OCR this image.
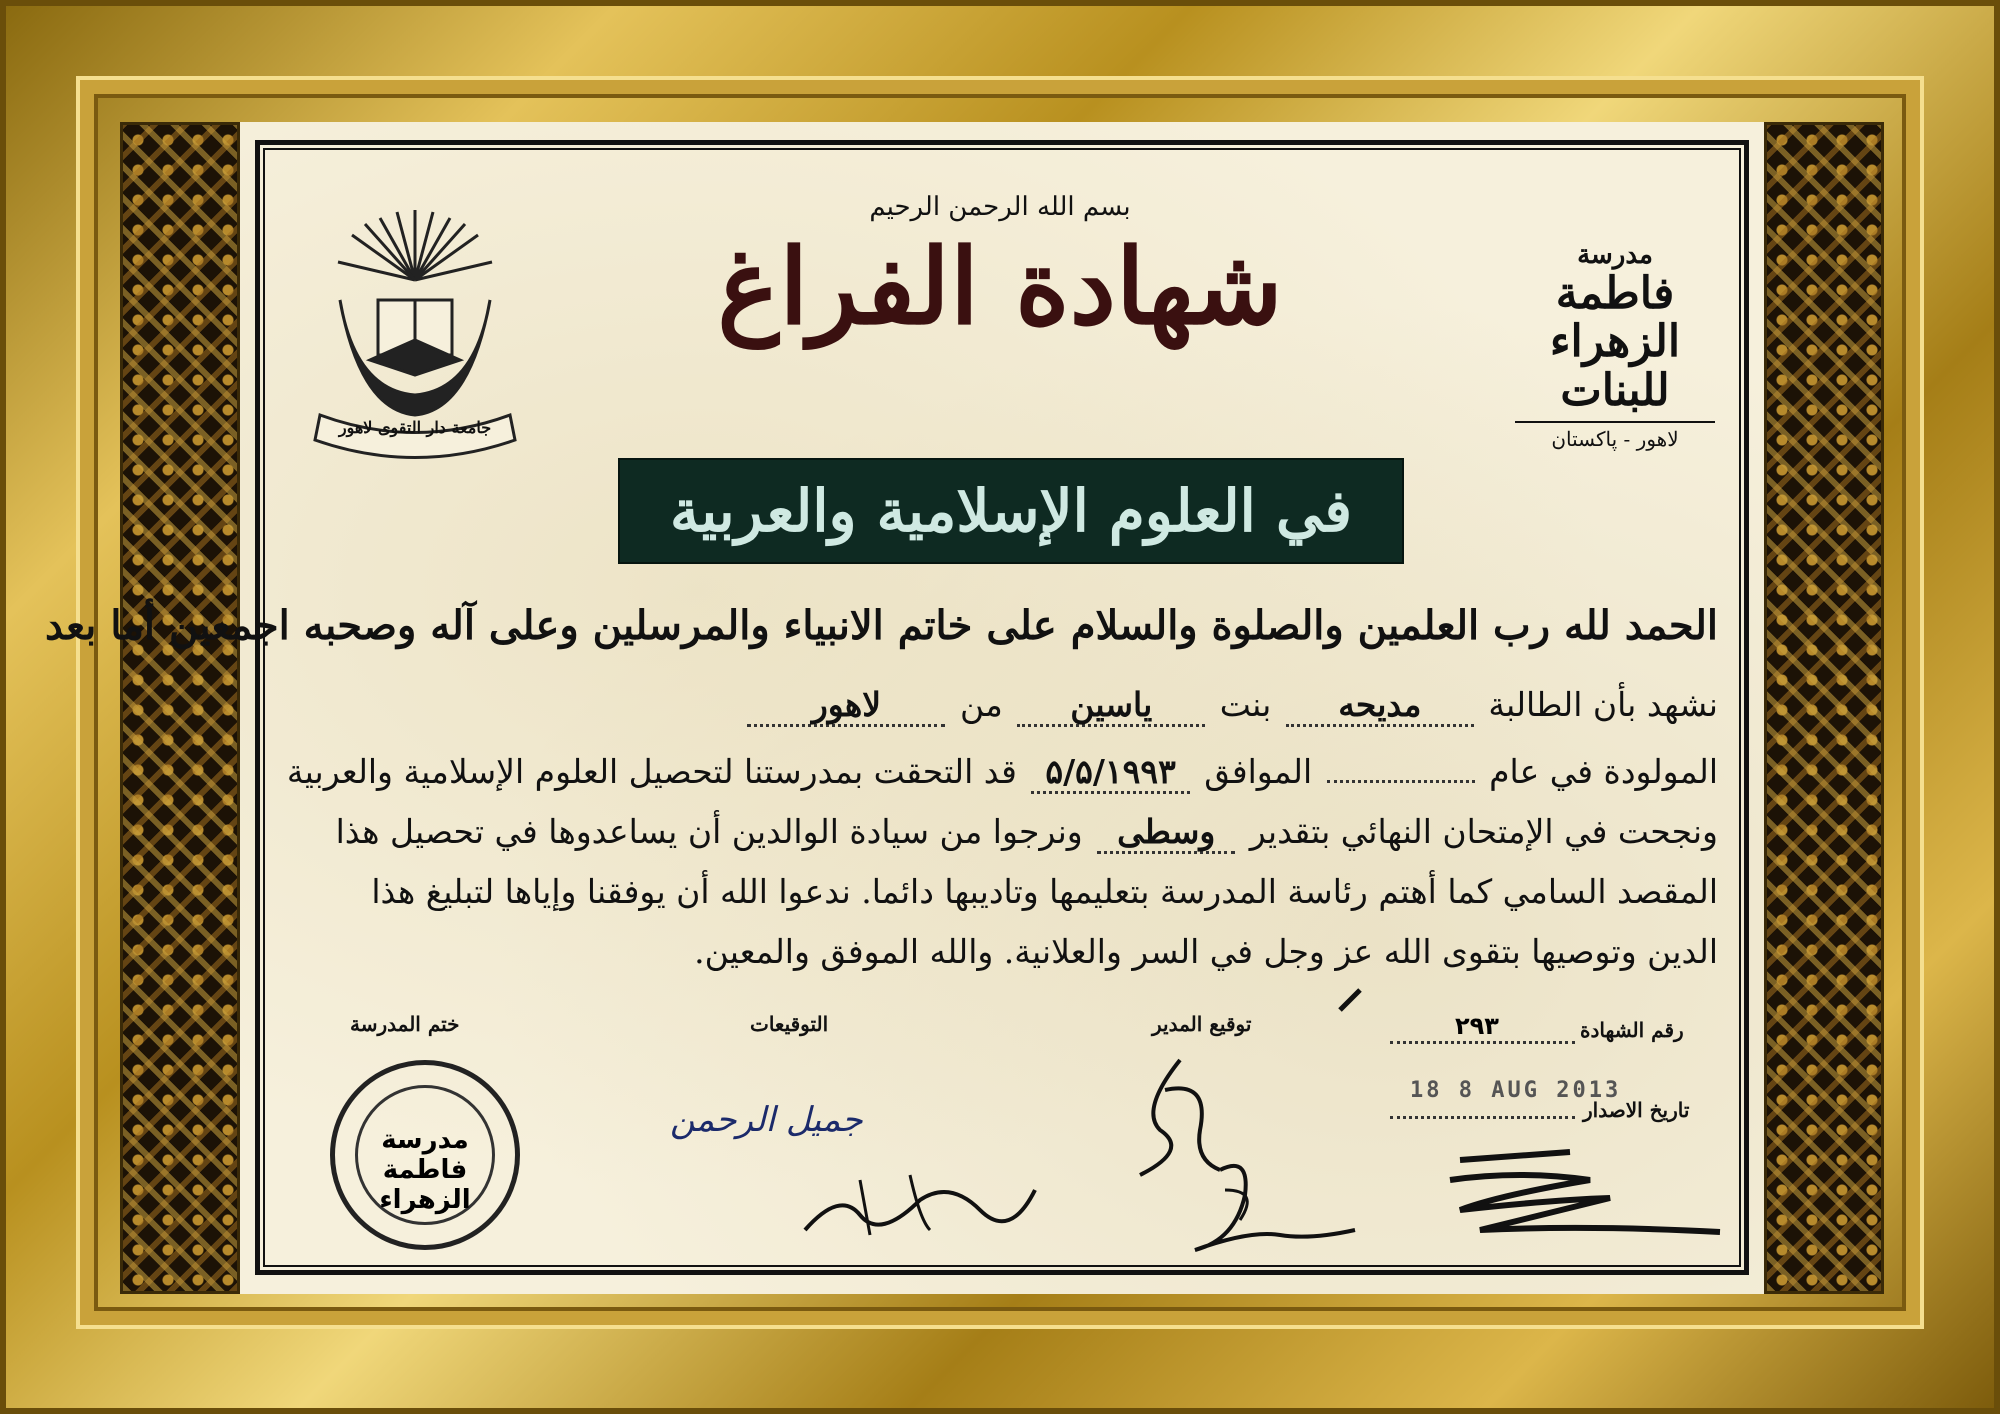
جامعة دار التقوى لاهور
مدرسة
فاطمة الزهراء
للبنات
لاهور - پاکستان
بسم الله الرحمن الرحيم
شهادة الفراغ
في العلوم الإسلامية والعربية
الحمد لله رب العلمين والصلوة والسلام على خاتم الانبياء والمرسلين وعلى آله وصحبه اجمعين أما بعد
نشهد بأن الطالبة مديحه بنت ياسين من لاهور
المولودة في عام  الموافق ۵/۵/۱۹۹۳ قد التحقت بمدرستنا لتحصيل العلوم الإسلامية والعربية
ونجحت في الإمتحان النهائي بتقدير وسطى ونرجوا من سيادة الوالدين أن يساعدوها في تحصيل هذا
المقصد السامي كما أهتم رئاسة المدرسة بتعليمها وتاديبها دائما. ندعوا الله أن يوفقنا وإياها لتبليغ هذا
الدين وتوصيها بتقوى الله عز وجل في السر والعلانية. والله الموفق والمعين.
رقم الشهادة
۲۹۳
تاريخ الاصدار
18 8 AUG 2013
توقيع المدير
التوقيعات
ختم المدرسة
مدرسة فاطمة الزهراء
جميل الرحمن
